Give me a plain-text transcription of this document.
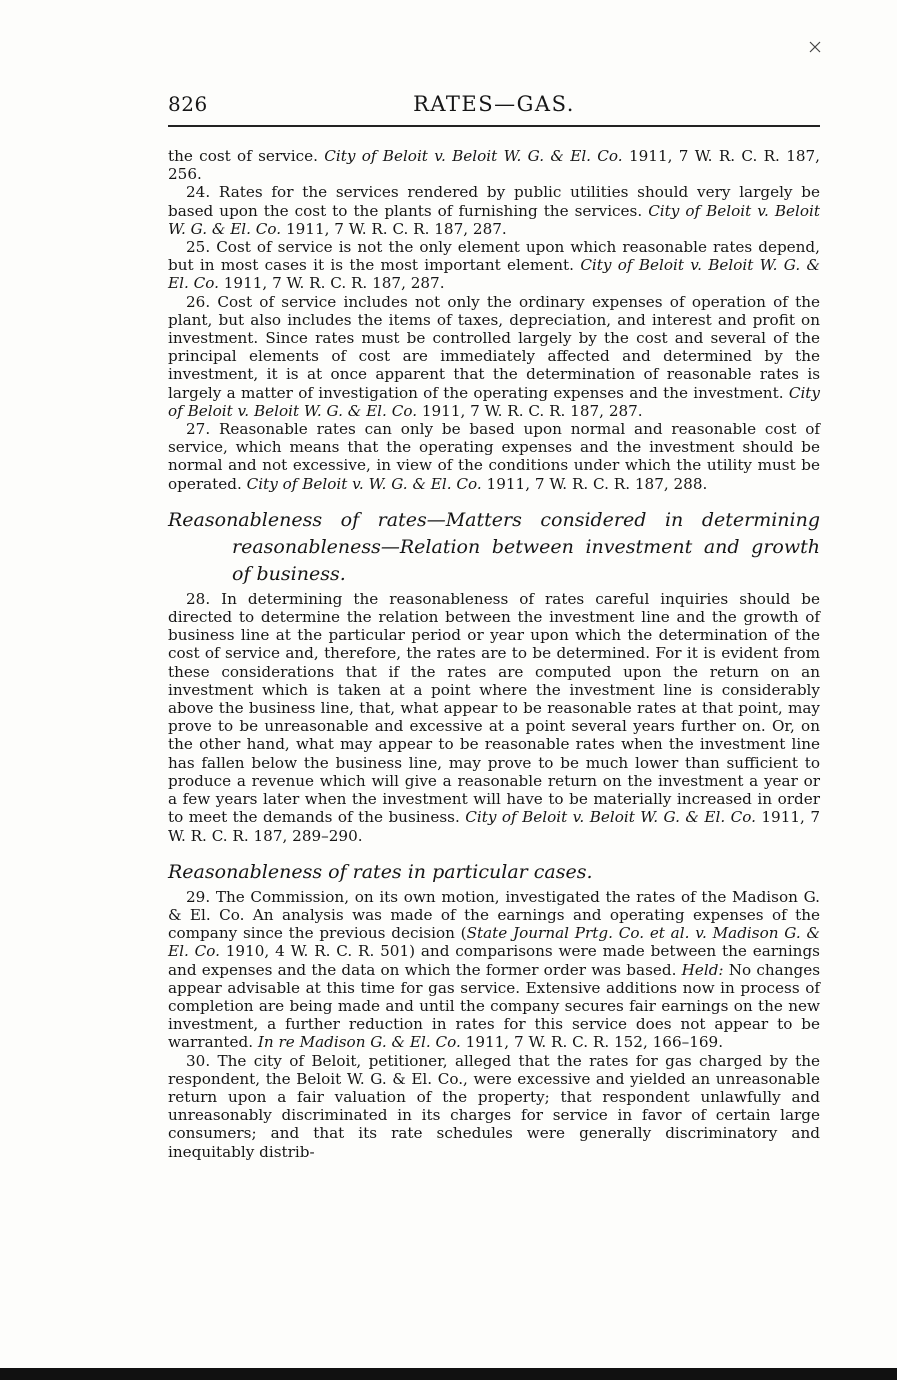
826	RATES—GAS.

the cost of service. City of Beloit v. Beloit W. G. & El. Co. 1911, 7 W. R. C. R. 187, 256.

24. Rates for the services rendered by public utilities should very largely be based upon the cost to the plants of furnishing the services. City of Beloit v. Beloit W. G. & El. Co. 1911, 7 W. R. C. R. 187, 287.

25. Cost of service is not the only element upon which reasonable rates depend, but in most cases it is the most important element. City of Beloit v. Beloit W. G. & El. Co. 1911, 7 W. R. C. R. 187, 287.

26. Cost of service includes not only the ordinary expenses of operation of the plant, but also includes the items of taxes, depreciation, and interest and profit on investment. Since rates must be controlled largely by the cost and several of the principal elements of cost are immediately affected and determined by the investment, it is at once apparent that the determination of reasonable rates is largely a matter of investigation of the operating expenses and the investment. City of Beloit v. Beloit W. G. & El. Co. 1911, 7 W. R. C. R. 187, 287.

27. Reasonable rates can only be based upon normal and reasonable cost of service, which means that the operating expenses and the investment should be normal and not excessive, in view of the conditions under which the utility must be operated. City of Beloit v. W. G. & El. Co. 1911, 7 W. R. C. R. 187, 288.

Reasonableness of rates—Matters considered in determining reasonableness—Relation between investment and growth of business.

28. In determining the reasonableness of rates careful inquiries should be directed to determine the relation between the investment line and the growth of business line at the particular period or year upon which the determination of the cost of service and, therefore, the rates are to be determined. For it is evident from these considerations that if the rates are computed upon the return on an investment which is taken at a point where the investment line is considerably above the business line, that, what appear to be reasonable rates at that point, may prove to be unreasonable and excessive at a point several years further on. Or, on the other hand, what may appear to be reasonable rates when the investment line has fallen below the business line, may prove to be much lower than sufficient to produce a revenue which will give a reasonable return on the investment a year or a few years later when the investment will have to be materially increased in order to meet the demands of the business. City of Beloit v. Beloit W. G. & El. Co. 1911, 7 W. R. C. R. 187, 289–290.

Reasonableness of rates in particular cases.

29. The Commission, on its own motion, investigated the rates of the Madison G. & El. Co. An analysis was made of the earnings and operating expenses of the company since the previous decision (State Journal Prtg. Co. et al. v. Madison G. & El. Co. 1910, 4 W. R. C. R. 501) and comparisons were made between the earnings and expenses and the data on which the former order was based. Held: No changes appear advisable at this time for gas service. Extensive additions now in process of completion are being made and until the company secures fair earnings on the new investment, a further reduction in rates for this service does not appear to be warranted. In re Madison G. & El. Co. 1911, 7 W. R. C. R. 152, 166–169.

30. The city of Beloit, petitioner, alleged that the rates for gas charged by the respondent, the Beloit W. G. & El. Co., were excessive and yielded an unreasonable return upon a fair valuation of the property; that respondent unlawfully and unreasonably discriminated in its charges for service in favor of certain large consumers; and that its rate schedules were generally discriminatory and inequitably distrib-
